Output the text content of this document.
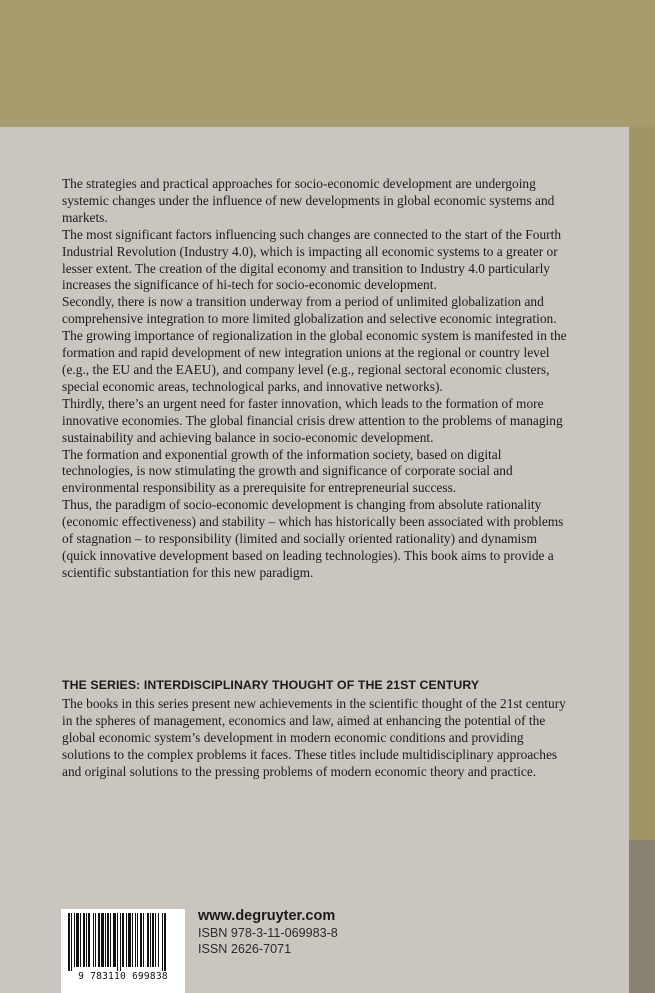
The strategies and practical approaches for socio-economic development are undergoing systemic changes under the influence of new developments in global economic systems and markets.

The most significant factors influencing such changes are connected to the start of the Fourth Industrial Revolution (Industry 4.0), which is impacting all economic systems to a greater or lesser extent. The creation of the digital economy and transition to Industry 4.0 particularly increases the significance of hi-tech for socio-economic development.

Secondly, there is now a transition underway from a period of unlimited globalization and comprehensive integration to more limited globalization and selective economic integration. The growing importance of regionalization in the global economic system is manifested in the formation and rapid development of new integration unions at the regional or country level (e.g., the EU and the EAEU), and company level (e.g., regional sectoral economic clusters, special economic areas, technological parks, and innovative networks).

Thirdly, there’s an urgent need for faster innovation, which leads to the formation of more innovative economies. The global financial crisis drew attention to the problems of managing sustainability and achieving balance in socio-economic development.

The formation and exponential growth of the information society, based on digital technologies, is now stimulating the growth and significance of corporate social and environmental responsibility as a prerequisite for entrepreneurial success.

Thus, the paradigm of socio-economic development is changing from absolute rationality (economic effectiveness) and stability – which has historically been associated with problems of stagnation – to responsibility (limited and socially oriented rationality) and dynamism (quick innovative development based on leading technologies). This book aims to provide a scientific substantiation for this new paradigm.

THE SERIES: INTERDISCIPLINARY THOUGHT OF THE 21ST CENTURY

The books in this series present new achievements in the scientific thought of the 21st century in the spheres of management, economics and law, aimed at enhancing the potential of the global economic system’s development in modern economic conditions and providing solutions to the complex problems it faces. These titles include multidisciplinary approaches and original solutions to the pressing problems of modern economic theory and practice.

9 783110 699838
www.degruyter.com
ISBN 978-3-11-069983-8
ISSN 2626-7071
